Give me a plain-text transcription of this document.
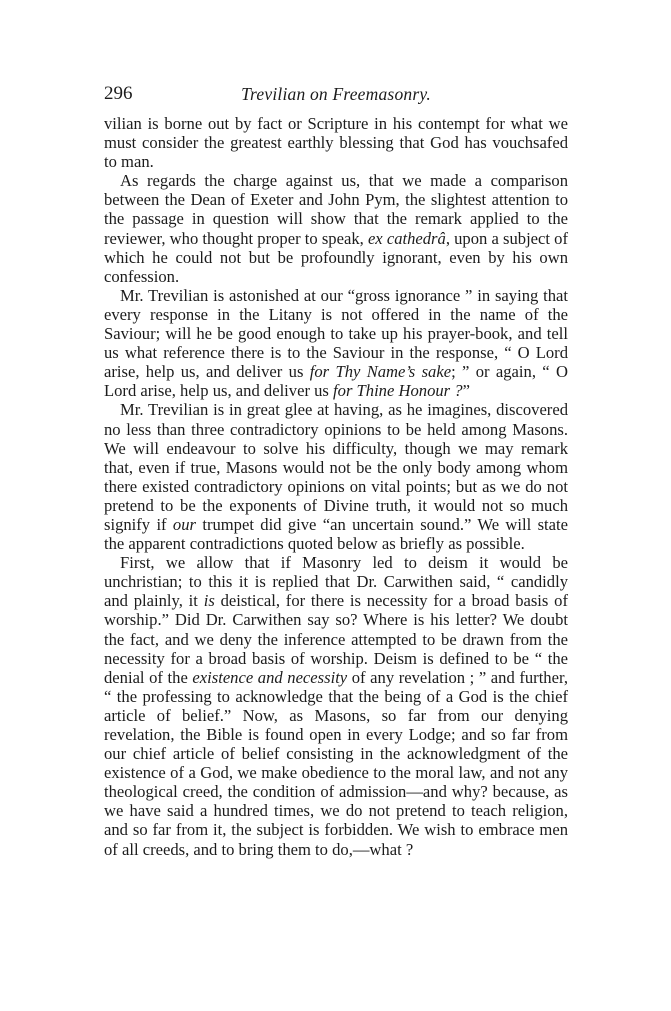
296	Trevilian on Freemasonry.

vilian is borne out by fact or Scripture in his contempt for what we must consider the greatest earthly blessing that God has vouchsafed to man.

As regards the charge against us, that we made a comparison between the Dean of Exeter and John Pym, the slightest attention to the passage in question will show that the remark applied to the reviewer, who thought proper to speak, ex cathedrâ, upon a subject of which he could not but be profoundly ignorant, even by his own confession.

Mr. Trevilian is astonished at our “gross ignorance ” in saying that every response in the Litany is not offered in the name of the Saviour; will he be good enough to take up his prayer-book, and tell us what reference there is to the Saviour in the response, “ O Lord arise, help us, and deliver us for Thy Name’s sake; ” or again, “ O Lord arise, help us, and deliver us for Thine Honour ?”

Mr. Trevilian is in great glee at having, as he imagines, discovered no less than three contradictory opinions to be held among Masons. We will endeavour to solve his difficulty, though we may remark that, even if true, Masons would not be the only body among whom there existed contradictory opinions on vital points; but as we do not pretend to be the exponents of Divine truth, it would not so much signify if our trumpet did give “an uncertain sound.” We will state the apparent contradictions quoted below as briefly as possible.

First, we allow that if Masonry led to deism it would be unchristian; to this it is replied that Dr. Carwithen said, “ candidly and plainly, it is deistical, for there is necessity for a broad basis of worship.” Did Dr. Carwithen say so? Where is his letter? We doubt the fact, and we deny the inference attempted to be drawn from the necessity for a broad basis of worship. Deism is defined to be “ the denial of the existence and necessity of any revelation ; ” and further, “ the professing to acknowledge that the being of a God is the chief article of belief.” Now, as Masons, so far from our denying revelation, the Bible is found open in every Lodge; and so far from our chief article of belief consisting in the acknowledgment of the existence of a God, we make obedience to the moral law, and not any theological creed, the condition of admission—and why? because, as we have said a hundred times, we do not pretend to teach religion, and so far from it, the subject is forbidden. We wish to embrace men of all creeds, and to bring them to do,—what ?
